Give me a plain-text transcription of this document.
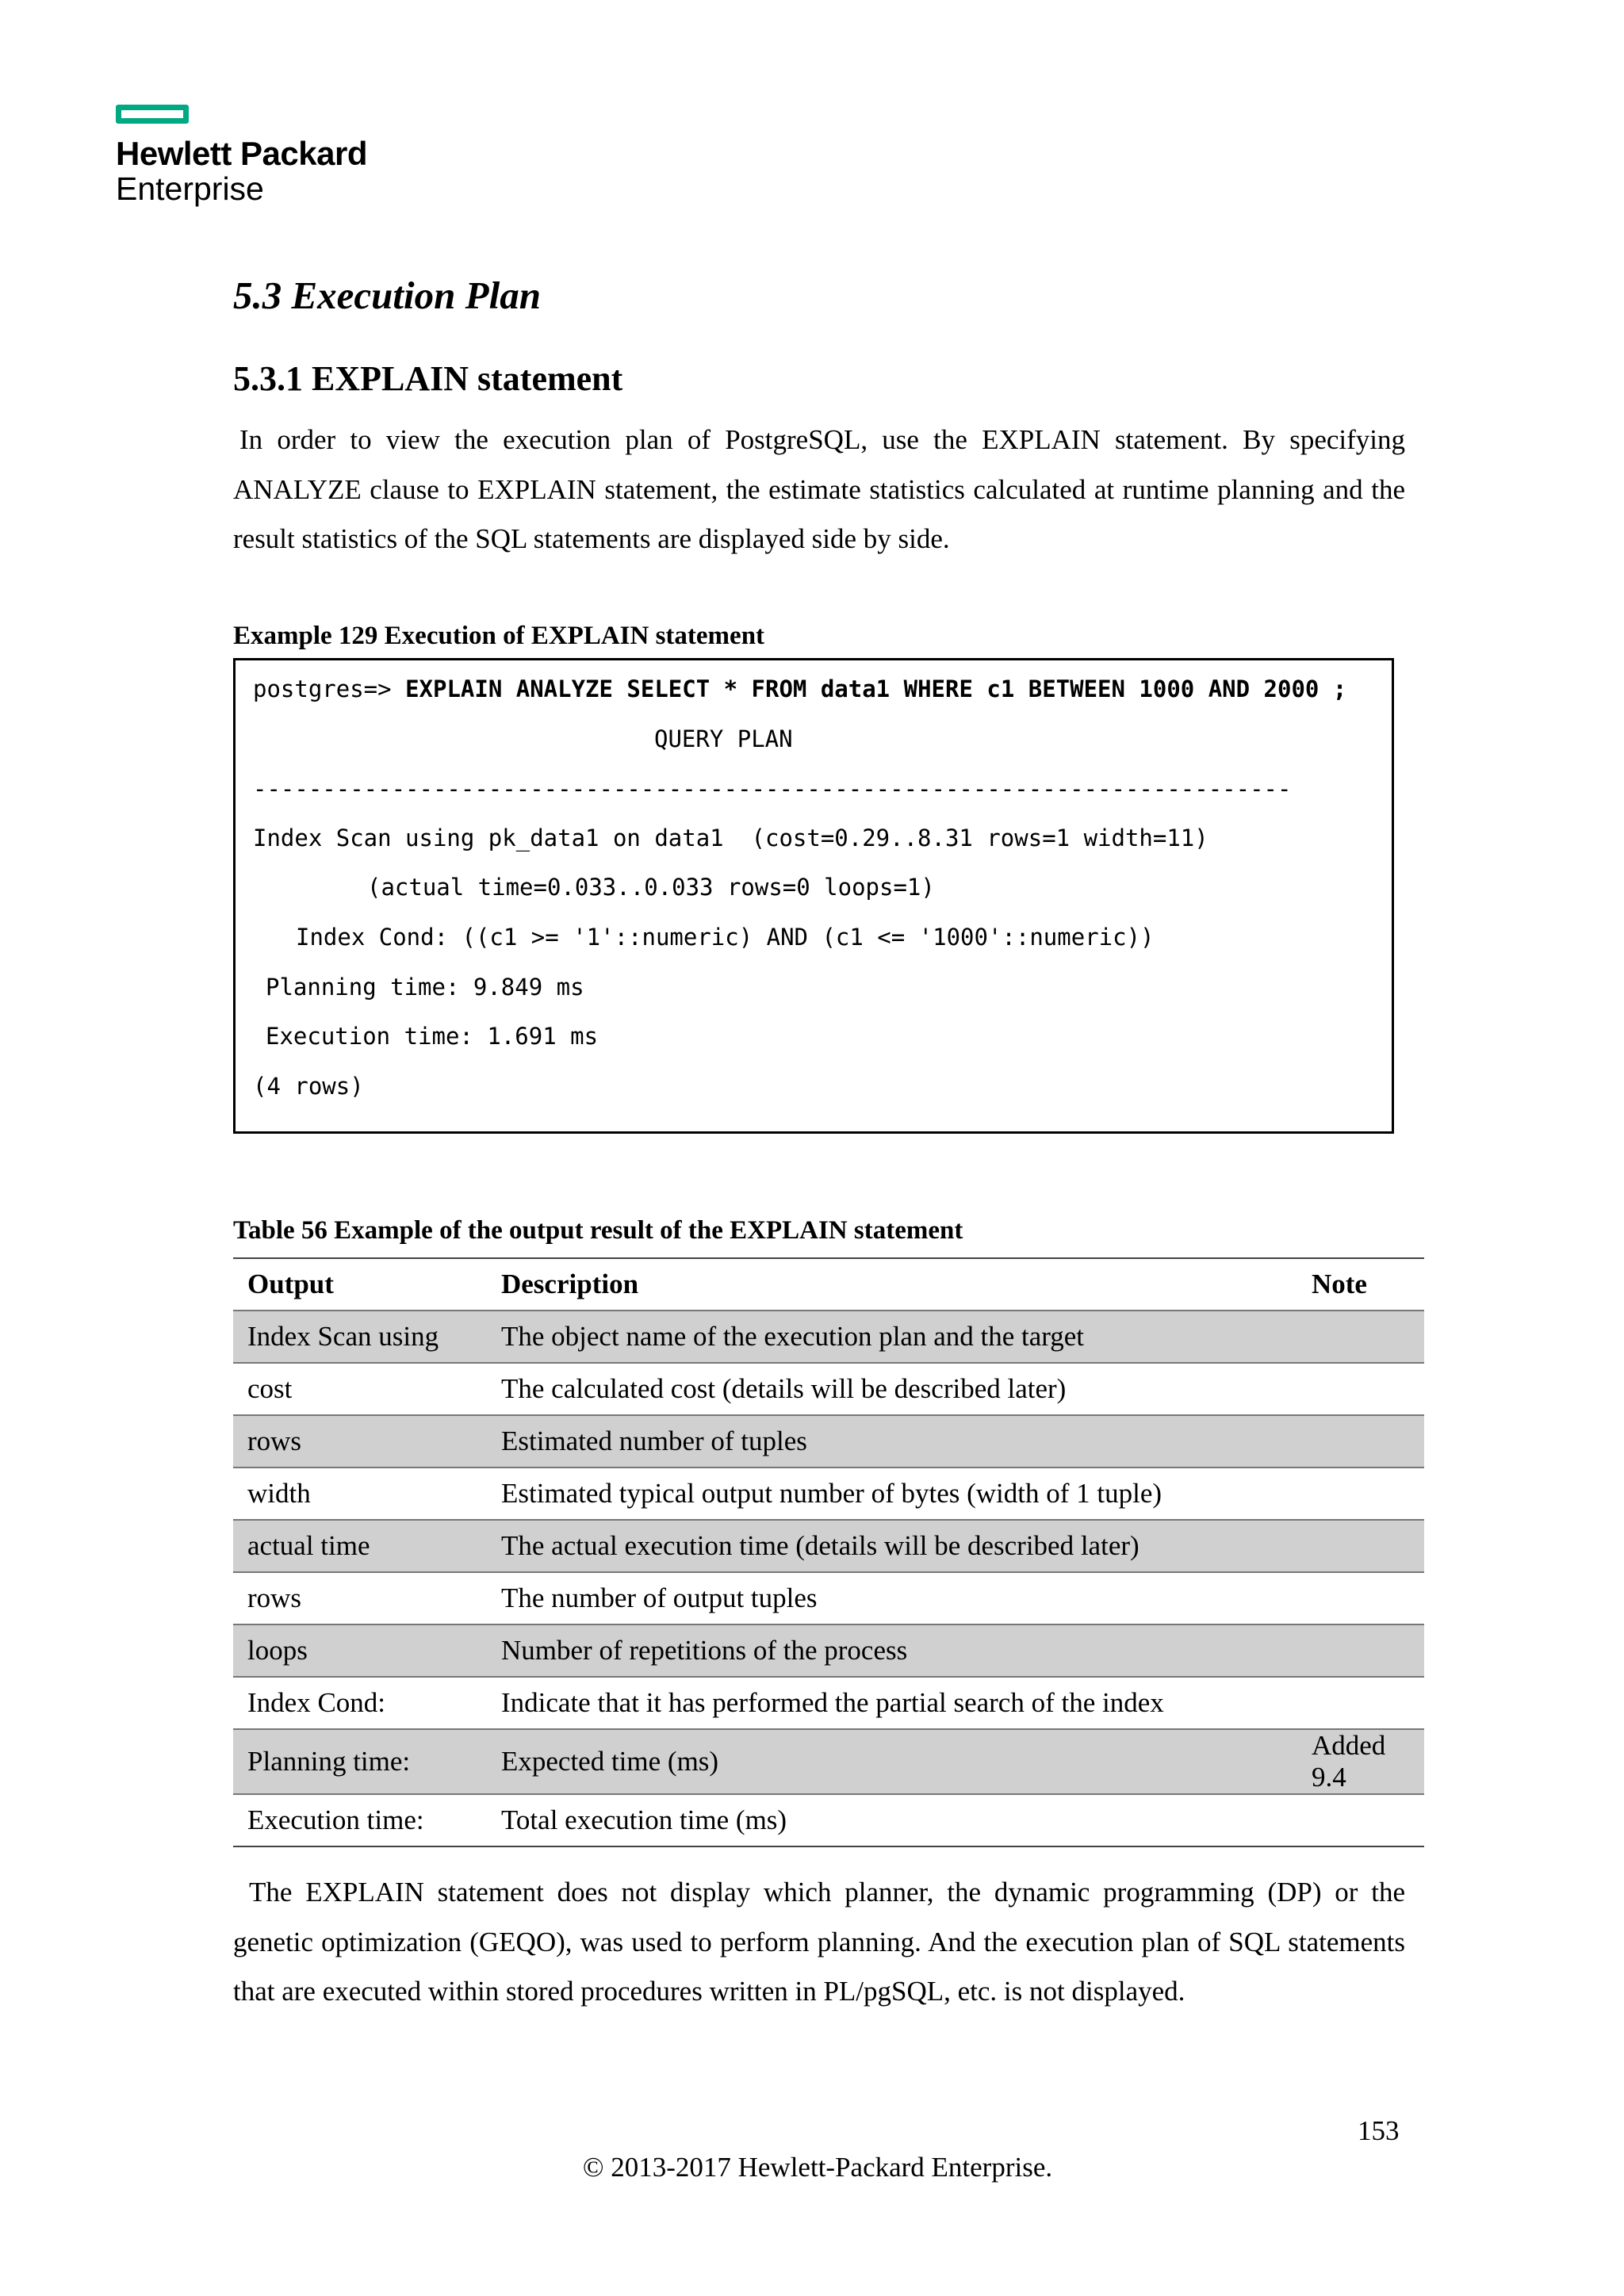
Hewlett Packard
Enterprise
5.3 Execution Plan
5.3.1 EXPLAIN statement

In order to view the execution plan of PostgreSQL, use the EXPLAIN statement. By specifying ANALYZE clause to EXPLAIN statement, the estimate statistics calculated at runtime planning and the result statistics of the SQL statements are displayed side by side.

Example 129 Execution of EXPLAIN statement
postgres=> EXPLAIN ANALYZE SELECT * FROM data1 WHERE c1 BETWEEN 1000 AND 2000 ;
QUERY PLAN
---------------------------------------------------------------------------
Index Scan using pk_data1 on data1  (cost=0.29..8.31 rows=1 width=11)
(actual time=0.033..0.033 rows=0 loops=1)
Index Cond: ((c1 >= '1'::numeric) AND (c1 <= '1000'::numeric))
Planning time: 9.849 ms
Execution time: 1.691 ms
(4 rows)
Table 56 Example of the output result of the EXPLAIN statement
Output	Description	Note
Index Scan using	The object name of the execution plan and the target	
cost	The calculated cost (details will be described later)	
rows	Estimated number of tuples	
width	Estimated typical output number of bytes (width of 1 tuple)	
actual time	The actual execution time (details will be described later)	
rows	The number of output tuples	
loops	Number of repetitions of the process	
Index Cond:	Indicate that it has performed the partial search of the index	
Planning time:	Expected time (ms)	Added 9.4
Execution time:	Total execution time (ms)	

The EXPLAIN statement does not display which planner, the dynamic programming (DP) or the genetic optimization (GEQO), was used to perform planning. And the execution plan of SQL statements that are executed within stored procedures written in PL/pgSQL, etc. is not displayed.

153
© 2013-2017 Hewlett-Packard Enterprise.
